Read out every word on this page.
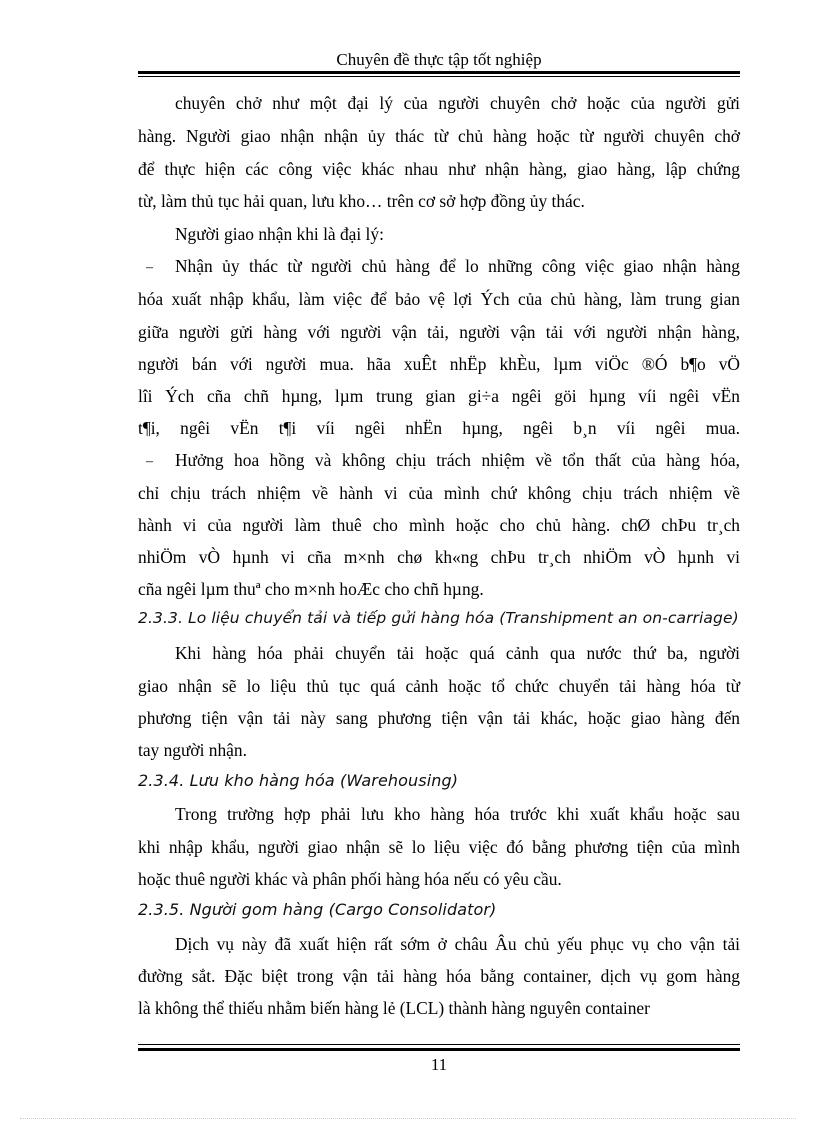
Chuyên đề thực tập tốt nghiệp
chuyên chở như một đại lý của người chuyên chở hoặc của người gửi
hàng. Người giao nhận nhận ủy thác từ chủ hàng hoặc từ người chuyên chở
để thực hiện các công việc khác nhau như nhận hàng, giao hàng, lập chứng
từ, làm thủ tục hải quan, lưu kho… trên cơ sở hợp đồng ủy thác.
Người giao nhận khi là đại lý:
– Nhận ủy thác từ người chủ hàng để lo những công việc giao nhận hàng
hóa xuất nhập khẩu, làm việc để bảo vệ lợi Ých của chủ hàng, làm trung gian
giữa người gửi hàng với người vận tải, người vận tải với người nhận hàng,
người bán với người mua. hãa xuÊt nhËp khÈu, lµm viÖc ®Ó b¶o vÖ
lîi Ých cña chñ hµng, lµm trung gian gi÷a ngêi göi hµng víi ngêi vËn
t¶i, ngêi vËn t¶i víi ngêi nhËn hµng, ngêi b¸n víi ngêi mua.
– Hưởng hoa hồng và không chịu trách nhiệm về tổn thất của hàng hóa,
chỉ chịu trách nhiệm về hành vi của mình chứ không chịu trách nhiệm về
hành vi của người làm thuê cho mình hoặc cho chủ hàng. chØ chÞu tr¸ch
nhiÖm vÒ hµnh vi cña m×nh chø kh«ng chÞu tr¸ch nhiÖm vÒ hµnh vi
cña ngêi lµm thuª cho m×nh hoÆc cho chñ hµng.
2.3.3. Lo liệu chuyển tải và tiếp gửi hàng hóa (Transhipment an on-carriage)
Khi hàng hóa phải chuyển tải hoặc quá cảnh qua nước thứ ba, người
giao nhận sẽ lo liệu thủ tục quá cảnh hoặc tổ chức chuyển tải hàng hóa từ
phương tiện vận tải này sang phương tiện vận tải khác, hoặc giao hàng đến
tay người nhận.
2.3.4. Lưu kho hàng hóa (Warehousing)
Trong trường hợp phải lưu kho hàng hóa trước khi xuất khẩu hoặc sau
khi nhập khẩu, người giao nhận sẽ lo liệu việc đó bằng phương tiện của mình
hoặc thuê người khác và phân phối hàng hóa nếu có yêu cầu.
2.3.5. Người gom hàng (Cargo Consolidator)
Dịch vụ này đã xuất hiện rất sớm ở châu Âu chủ yếu phục vụ cho vận tải
đường sắt. Đặc biệt trong vận tải hàng hóa bằng container, dịch vụ gom hàng
là không thể thiếu nhằm biến hàng lẻ (LCL) thành hàng nguyên container
11
